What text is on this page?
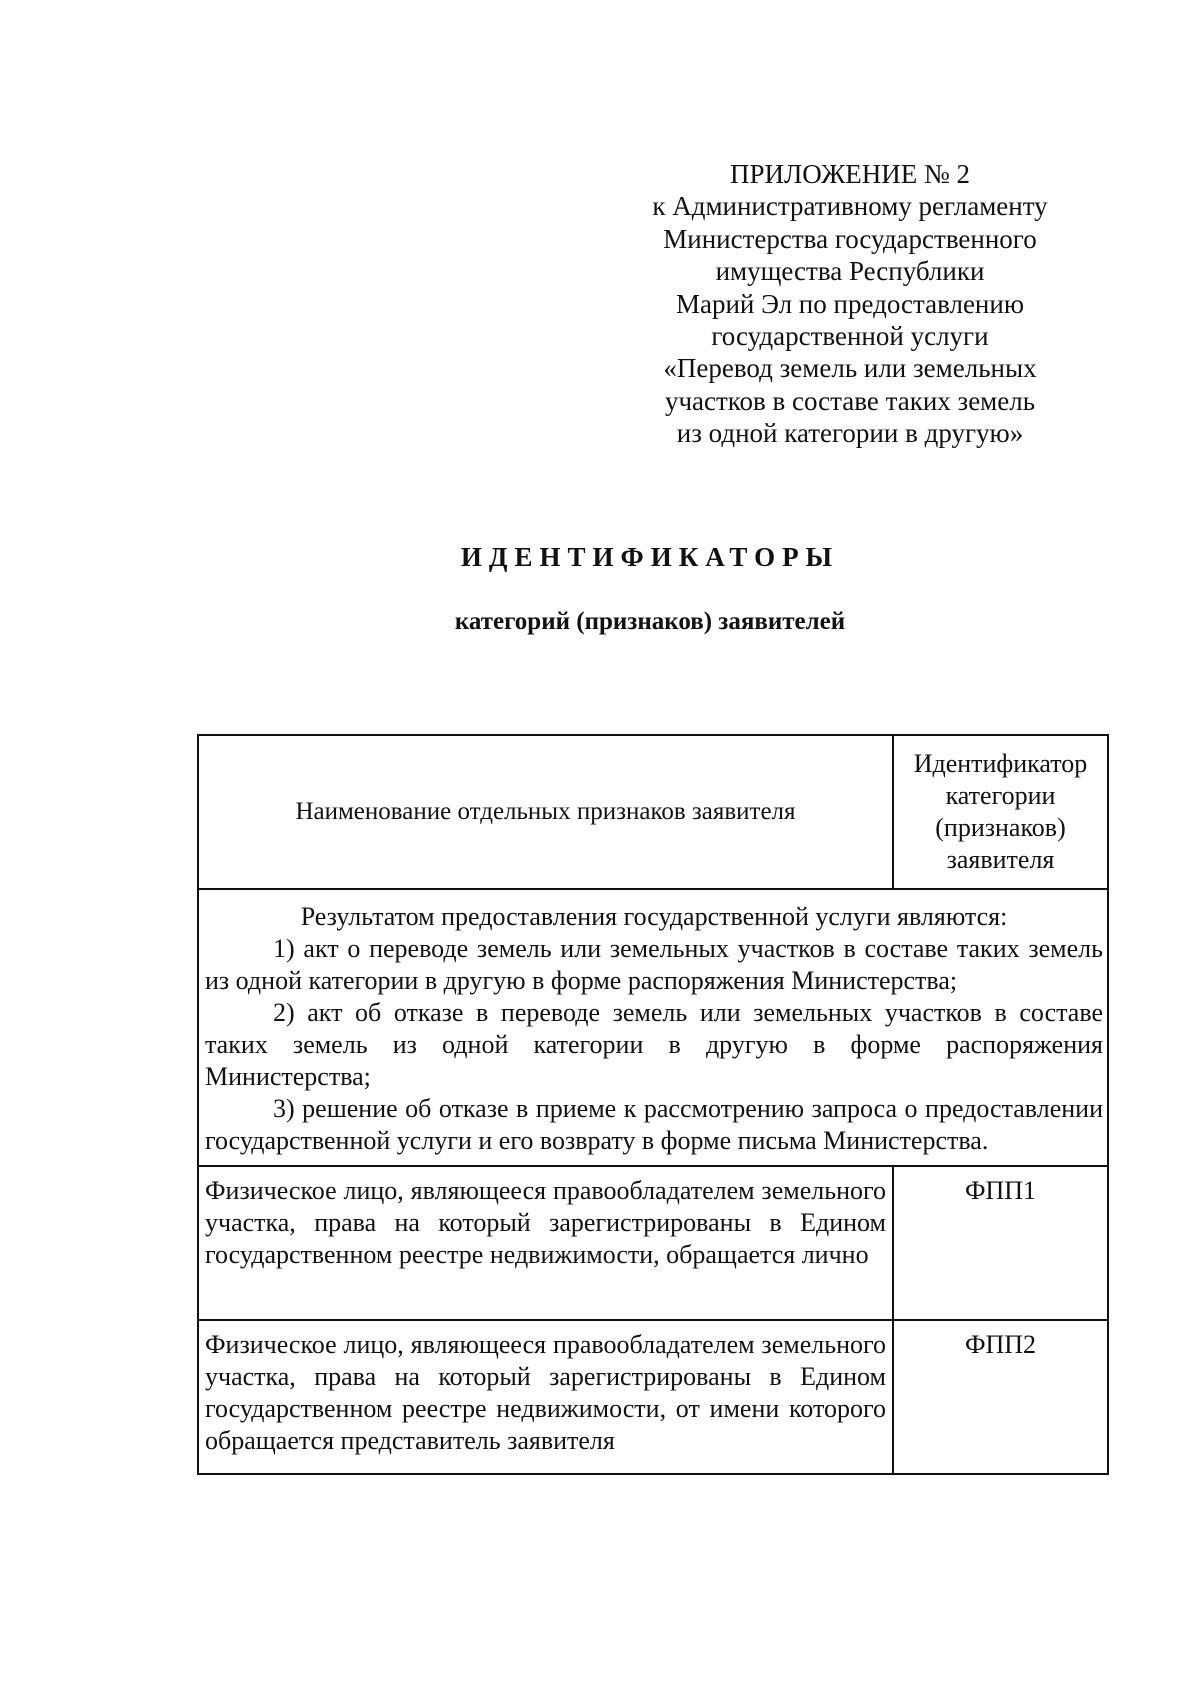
ПРИЛОЖЕНИЕ № 2
к Административному регламенту
Министерства государственного
имущества Республики
Марий Эл по предоставлению
государственной услуги
«Перевод земель или земельных
участков в составе таких земель
из одной категории в другую»
ИДЕНТИФИКАТОРЫ
категорий (признаков) заявителей
Наименование отдельных признаков заявителя	Идентификатор
категории
(признаков)
заявителя

Результатом предоставления государственной услуги являются:

1) акт о переводе земель или земельных участков в составе таких земель из одной категории в другую в форме распоряжения Министерства;

2) акт об отказе в переводе земель или земельных участков в составе таких земель из одной категории в другую в форме распоряжения Министерства;

3) решение об отказе в приеме к рассмотрению запроса о предоставлении государственной услуги и его возврату в форме письма Министерства.	

Физическое лицо, являющееся правообладателем земельного участка, права на который зарегистрированы в Едином государственном реестре недвижимости, обращается лично	ФПП1

Физическое лицо, являющееся правообладателем земельного участка, права на который зарегистрированы в Едином государственном реестре недвижимости, от имени которого обращается представитель заявителя	ФПП2
